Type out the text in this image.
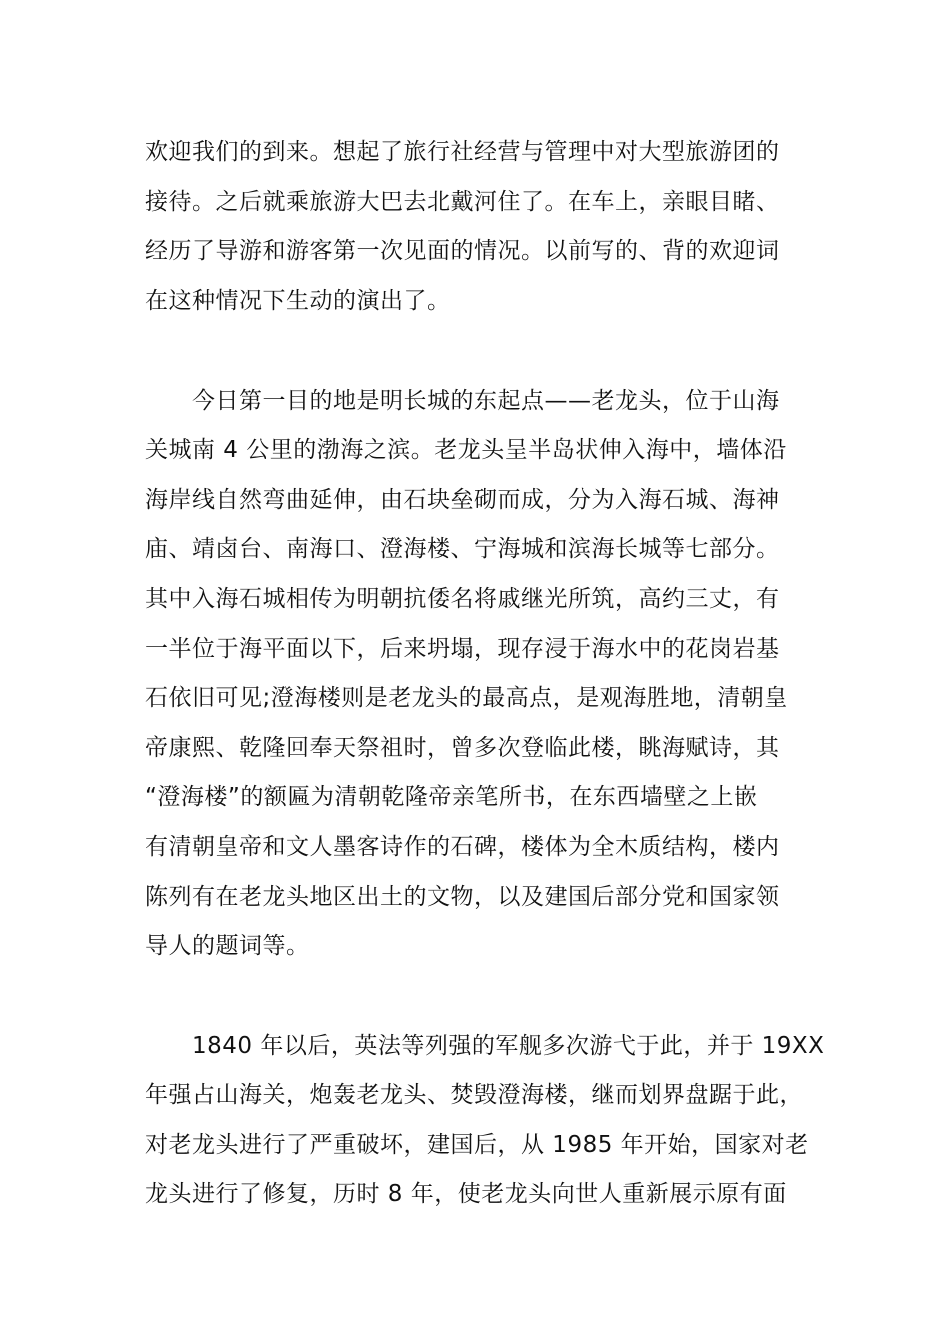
欢迎我们的到来。想起了旅行社经营与管理中对大型旅游团的
接待。之后就乘旅游大巴去北戴河住了。在车上，亲眼目睹、
经历了导游和游客第一次见面的情况。以前写的、背的欢迎词
在这种情况下生动的演出了。
今日第一目的地是明长城的东起点——老龙头，位于山海
关城南 4 公里的渤海之滨。老龙头呈半岛状伸入海中，墙体沿
海岸线自然弯曲延伸，由石块垒砌而成，分为入海石城、海神
庙、靖卤台、南海口、澄海楼、宁海城和滨海长城等七部分。
其中入海石城相传为明朝抗倭名将戚继光所筑，高约三丈，有
一半位于海平面以下，后来坍塌，现存浸于海水中的花岗岩基
石依旧可见;澄海楼则是老龙头的最高点，是观海胜地，清朝皇
帝康熙、乾隆回奉天祭祖时，曾多次登临此楼，眺海赋诗，其
“澄海楼”的额匾为清朝乾隆帝亲笔所书，在东西墙壁之上嵌
有清朝皇帝和文人墨客诗作的石碑，楼体为全木质结构，楼内
陈列有在老龙头地区出土的文物，以及建国后部分党和国家领
导人的题词等。
1840 年以后，英法等列强的军舰多次游弋于此，并于 19XX
年强占山海关，炮轰老龙头、焚毁澄海楼，继而划界盘踞于此，
对老龙头进行了严重破坏，建国后，从 1985 年开始，国家对老
龙头进行了修复，历时 8 年，使老龙头向世人重新展示原有面
